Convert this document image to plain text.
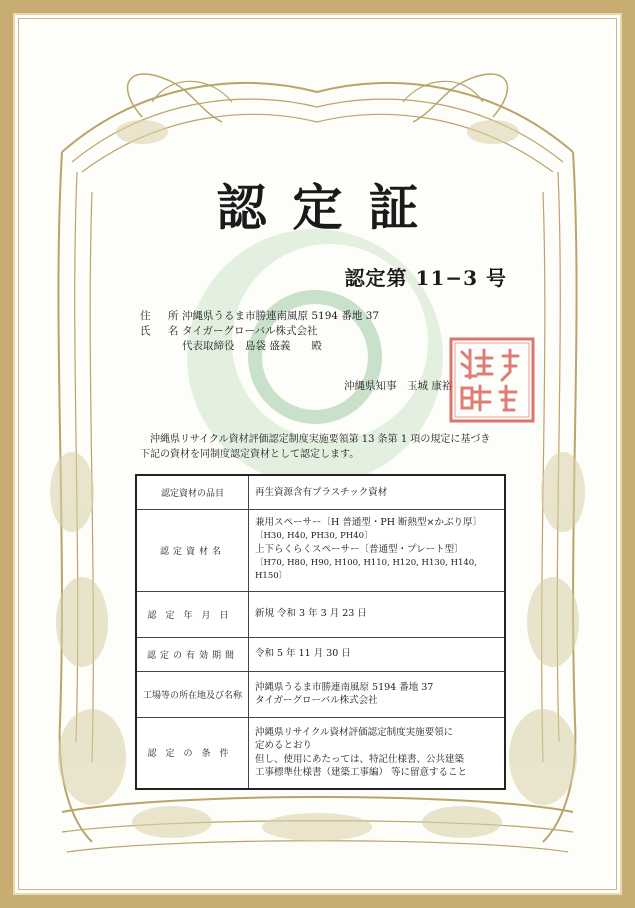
認定証
認定第 11−3 号
住 所
沖縄県うるま市勝連南風原 5194 番地 37
氏 名
タイガーグローバル株式会社
代表取締役　島袋 盛義　　殿
沖縄県知事　玉城 康裕
沖縄県リサイクル資材評価認定制度実施要領第 13 条第 1 項の規定に基づき
下記の資材を同制度認定資材として認定します。
認定資材の品目	再生資源含有プラスチック資材

認定資材名	兼用スペーサー〔H 普通型・PH 断熱型×かぶり厚〕
〔H30, H40, PH30, PH40〕
上下らくらくスペーサー〔普通型・プレート型〕
〔H70, H80, H90, H100, H110, H120, H130, H140, H150〕

認定年月日	新規 令和 3 年 3 月 23 日

認定の有効期間	令和 5 年 11 月 30 日

工場等の所在地及び名称	沖縄県うるま市勝連南風原 5194 番地 37
タイガーグローバル株式会社

認定の条件	沖縄県リサイクル資材評価認定制度実施要領に
定めるとおり
但し、使用にあたっては、特記仕様書、公共建築
工事標準仕様書（建築工事編） 等に留意すること
